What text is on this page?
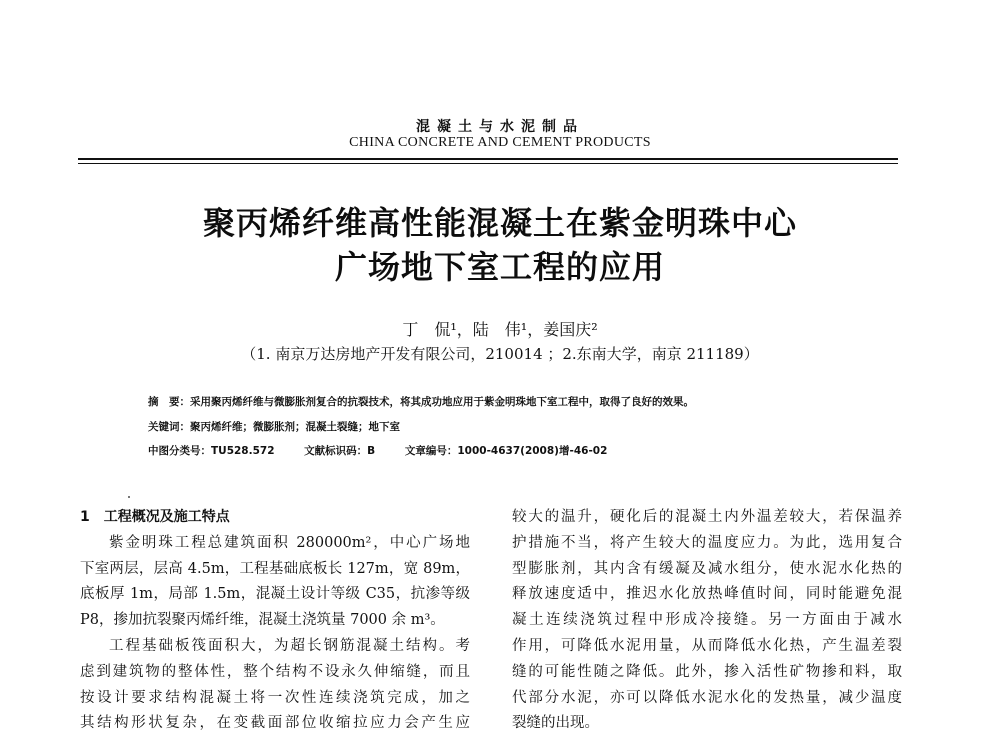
混凝土与水泥制品
CHINA CONCRETE AND CEMENT PRODUCTS
聚丙烯纤维高性能混凝土在紫金明珠中心
广场地下室工程的应用
丁　侃¹，陆　伟¹，姜国庆²
（1. 南京万达房地产开发有限公司，210014 ；2.东南大学，南京 211189）
摘　要：采用聚丙烯纤维与微膨胀剂复合的抗裂技术，将其成功地应用于紫金明珠地下室工程中，取得了良好的效果。
关键词：聚丙烯纤维；微膨胀剂；混凝土裂缝；地下室
中图分类号：TU528.572	文献标识码：B	文章编号：1000-4637(2008)增-46-02

1 工程概况及施工特点

紫金明珠工程总建筑面积 280000m²，中心广场地

下室两层，层高 4.5m，工程基础底板长 127m，宽 89m，

底板厚 1m，局部 1.5m，混凝土设计等级 C35，抗渗等级

P8，掺加抗裂聚丙烯纤维，混凝土浇筑量 7000 余 m³。

工程基础板筏面积大，为超长钢筋混凝土结构。考

虑到建筑物的整体性，整个结构不设永久伸缩缝，而且

按设计要求结构混凝土将一次性连续浇筑完成，加之

其结构形状复杂，在变截面部位收缩拉应力会产生应

较大的温升，硬化后的混凝土内外温差较大，若保温养

护措施不当，将产生较大的温度应力。为此，选用复合

型膨胀剂，其内含有缓凝及减水组分，使水泥水化热的

释放速度适中，推迟水化放热峰值时间，同时能避免混

凝土连续浇筑过程中形成冷接缝。另一方面由于减水

作用，可降低水泥用量，从而降低水化热，产生温差裂

缝的可能性随之降低。此外，掺入活性矿物掺和料，取

代部分水泥，亦可以降低水泥水化的发热量，减少温度

裂缝的出现。
